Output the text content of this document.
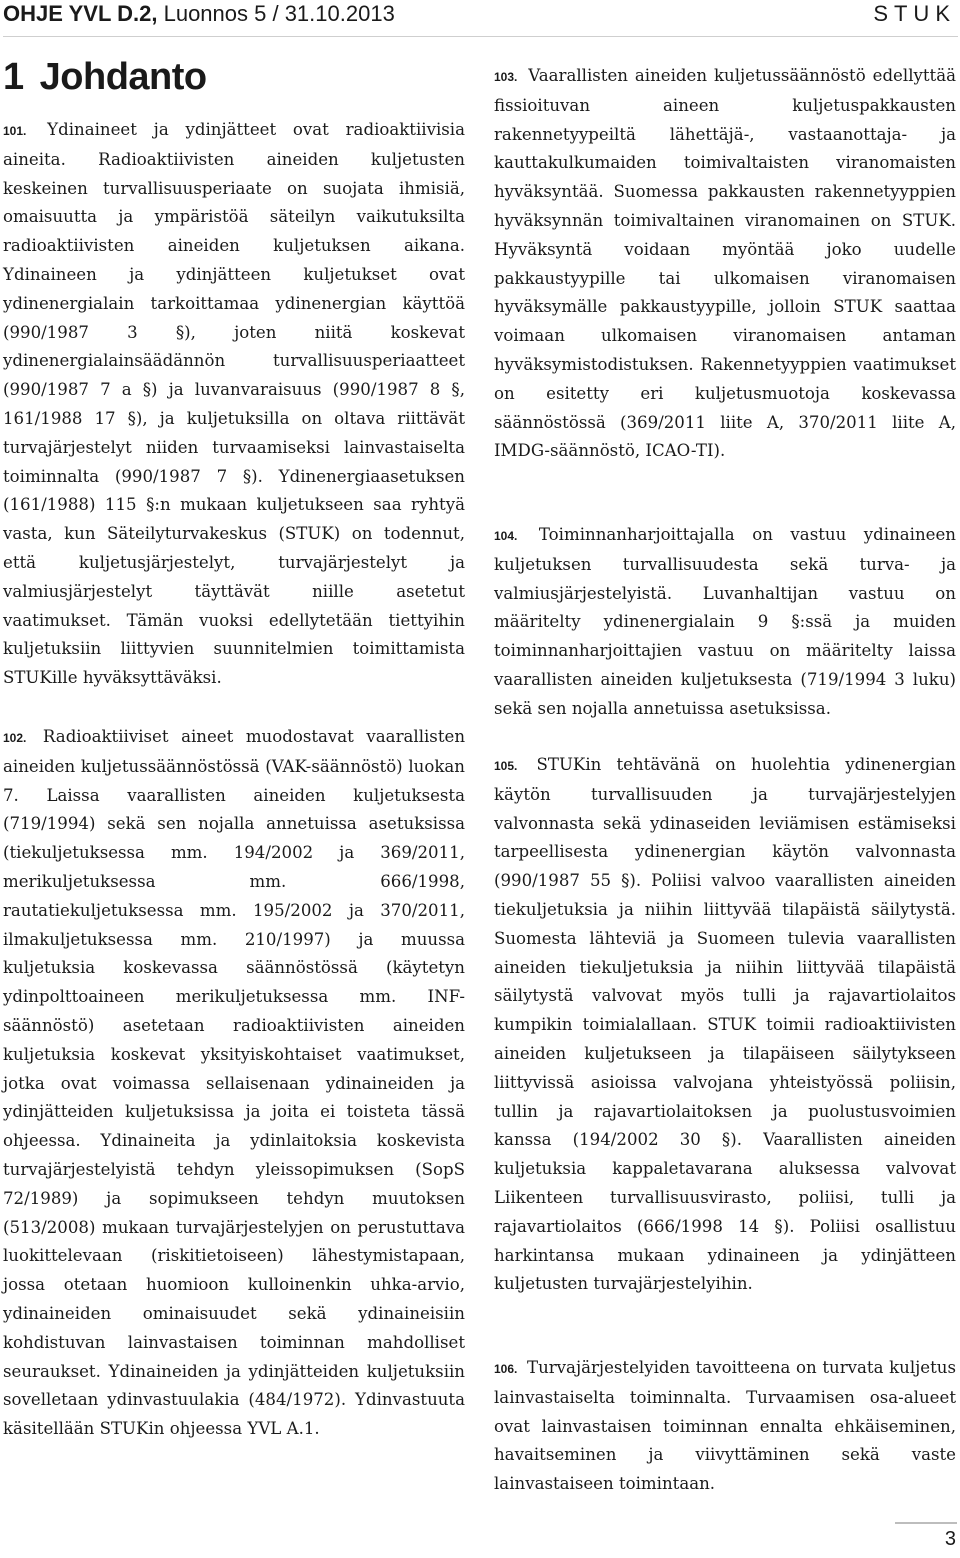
OHJE YVL D.2, Luonnos 5 / 31.10.2013	STUK
1 Johdanto
101. Ydinaineet ja ydinjätteet ovat radioaktiivisia aineita. Radioaktiivisten aineiden kuljetusten keskeinen turvallisuusperiaate on suojata ihmisiä, omaisuutta ja ympäristöä säteilyn vaikutuksilta radioaktiivisten aineiden kuljetuksen aikana. Ydinaineen ja ydinjätteen kuljetukset ovat ydinenergialain tarkoittamaa ydinenergian käyttöä (990/1987 3 §), joten niitä koskevat ydinenergialainsäädännön turvallisuusperiaatteet (990/1987 7 a §) ja luvanvaraisuus (990/1987 8 §, 161/1988 17 §), ja kuljetuksilla on oltava riittävät turvajärjestelyt niiden turvaamiseksi lainvastaiselta toiminnalta (990/1987 7 §). Ydinenergiaasetuksen (161/1988) 115 §:n mukaan kuljetukseen saa ryhtyä vasta, kun Säteilyturvakeskus (STUK) on todennut, että kuljetusjärjestelyt, turvajärjestelyt ja valmiusjärjestelyt täyttävät niille asetetut vaatimukset. Tämän vuoksi edellytetään tiettyihin kuljetuksiin liittyvien suunnitelmien toimittamista STUKille hyväksyttäväksi.
102. Radioaktiiviset aineet muodostavat vaarallisten aineiden kuljetussäännöstössä (VAK-säännöstö) luokan 7. Laissa vaarallisten aineiden kuljetuksesta (719/1994) sekä sen nojalla annetuissa asetuksissa (tiekuljetuksessa mm. 194/2002 ja 369/2011, merikuljetuksessa mm. 666/1998, rautatiekuljetuksessa mm. 195/2002 ja 370/2011, ilmakuljetuksessa mm. 210/1997) ja muussa kuljetuksia koskevassa säännöstössä (käytetyn ydinpolttoaineen merikuljetuksessa mm. INF-säännöstö) asetetaan radioaktiivisten aineiden kuljetuksia koskevat yksityiskohtaiset vaatimukset, jotka ovat voimassa sellaisenaan ydinaineiden ja ydinjätteiden kuljetuksissa ja joita ei toisteta tässä ohjeessa. Ydinaineita ja ydinlaitoksia koskevista turvajärjestelyistä tehdyn yleissopimuksen (SopS 72/1989) ja sopimukseen tehdyn muutoksen (513/2008) mukaan turvajärjestelyjen on perustuttava luokittelevaan (riskitietoiseen) lähestymistapaan, jossa otetaan huomioon kulloinenkin uhka-arvio, ydinaineiden ominaisuudet sekä ydinaineisiin kohdistuvan lainvastaisen toiminnan mahdolliset seuraukset. Ydinaineiden ja ydinjätteiden kuljetuksiin sovelletaan ydinvastuulakia (484/1972). Ydinvastuuta käsitellään STUKin ohjeessa YVL A.1.
103. Vaarallisten aineiden kuljetussäännöstö edellyttää fissioituvan aineen kuljetuspakkausten rakennetyypeiltä lähettäjä-, vastaanottaja- ja kauttakulkumaiden toimivaltaisten viranomaisten hyväksyntää. Suomessa pakkausten rakennetyyppien hyväksynnän toimivaltainen viranomainen on STUK. Hyväksyntä voidaan myöntää joko uudelle pakkaustyypille tai ulkomaisen viranomaisen hyväksymälle pakkaustyypille, jolloin STUK saattaa voimaan ulkomaisen viranomaisen antaman hyväksymistodistuksen. Rakennetyyppien vaatimukset on esitetty eri kuljetusmuotoja koskevassa säännöstössä (369/2011 liite A, 370/2011 liite A, IMDG-säännöstö, ICAO-TI).
104. Toiminnanharjoittajalla on vastuu ydinaineen kuljetuksen turvallisuudesta sekä turva- ja valmiusjärjestelyistä. Luvanhaltijan vastuu on määritelty ydinenergialain 9 §:ssä ja muiden toiminnanharjoittajien vastuu on määritelty laissa vaarallisten aineiden kuljetuksesta (719/1994 3 luku) sekä sen nojalla annetuissa asetuksissa.
105. STUKin tehtävänä on huolehtia ydinenergian käytön turvallisuuden ja turvajärjestelyjen valvonnasta sekä ydinaseiden leviämisen estämiseksi tarpeellisesta ydinenergian käytön valvonnasta (990/1987 55 §). Poliisi valvoo vaarallisten aineiden tiekuljetuksia ja niihin liittyvää tilapäistä säilytystä. Suomesta lähteviä ja Suomeen tulevia vaarallisten aineiden tiekuljetuksia ja niihin liittyvää tilapäistä säilytystä valvovat myös tulli ja rajavartiolaitos kumpikin toimialallaan. STUK toimii radioaktiivisten aineiden kuljetukseen ja tilapäiseen säilytykseen liittyvissä asioissa valvojana yhteistyössä poliisin, tullin ja rajavartiolaitoksen ja puolustusvoimien kanssa (194/2002 30 §). Vaarallisten aineiden kuljetuksia kappaletavarana aluksessa valvovat Liikenteen turvallisuusvirasto, poliisi, tulli ja rajavartiolaitos (666/1998 14 §). Poliisi osallistuu harkintansa mukaan ydinaineen ja ydinjätteen kuljetusten turvajärjestelyihin.
106. Turvajärjestelyiden tavoitteena on turvata kuljetus lainvastaiselta toiminnalta. Turvaamisen osa-alueet ovat lainvastaisen toiminnan ennalta ehkäiseminen, havaitseminen ja viivyttäminen sekä vaste lainvastaiseen toimintaan.
3
